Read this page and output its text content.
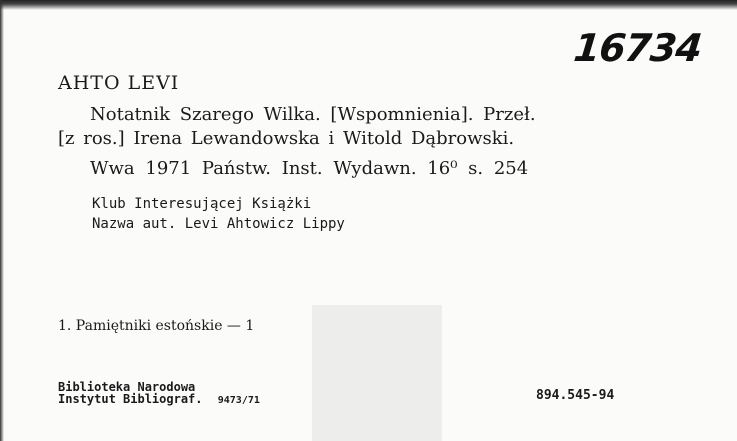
16734
AHTO LEVI
Notatnik Szarego Wilka. [Wspomnienia]. Przeł.
[z ros.] Irena Lewandowska i Witold Dąbrowski.
Wwa 1971 Państw. Inst. Wydawn. 16⁰ s. 254
Klub Interesującej Książki
Nazwa aut. Levi Ahtowicz Lippy
1. Pamiętniki estońskie — 1
Biblioteka Narodowa
Instytut Bibliograf. 9473/71	894.545-94
